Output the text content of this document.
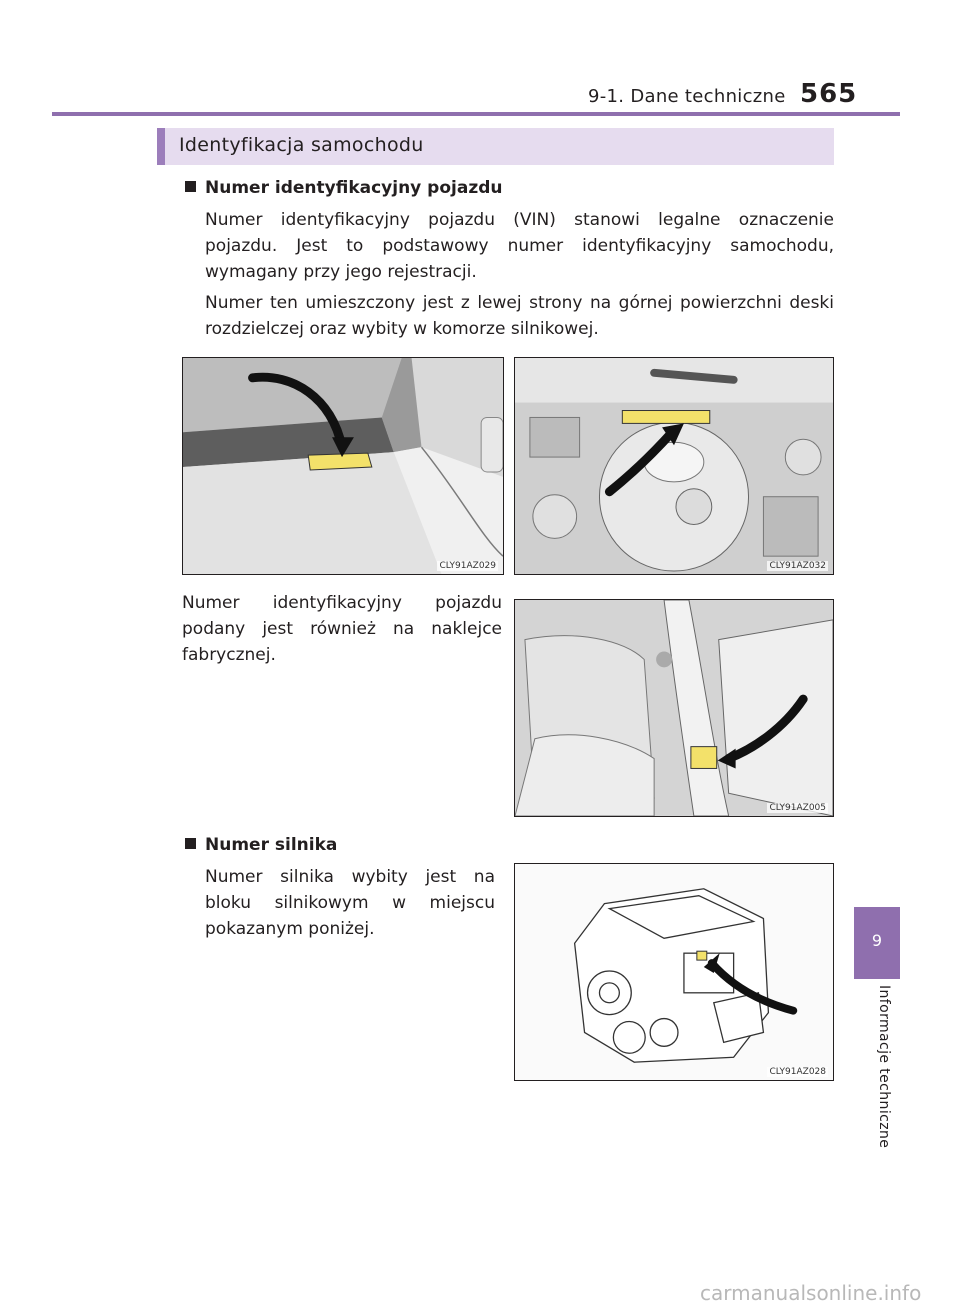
9-1. Dane techniczne 565
Identyfikacja samochodu
Numer identyfikacyjny pojazdu
Numer identyfikacyjny pojazdu (VIN) stanowi legalne oznaczenie pojazdu. Jest to podstawowy numer identyfikacyjny samochodu, wymagany przy jego rejestracji.
Numer ten umieszczony jest z lewej strony na górnej powierzchni deski rozdzielczej oraz wybity w komorze silnikowej.
CLY91AZ029	CLY91AZ032
Numer identyfikacyjny pojazdu podany jest również na naklejce fabrycznej.
CLY91AZ005
Numer silnika
Numer silnika wybity jest na bloku silnikowym w miejscu pokazanym poniżej.
CLY91AZ028
9
Informacje techniczne
carmanualsonline.info
